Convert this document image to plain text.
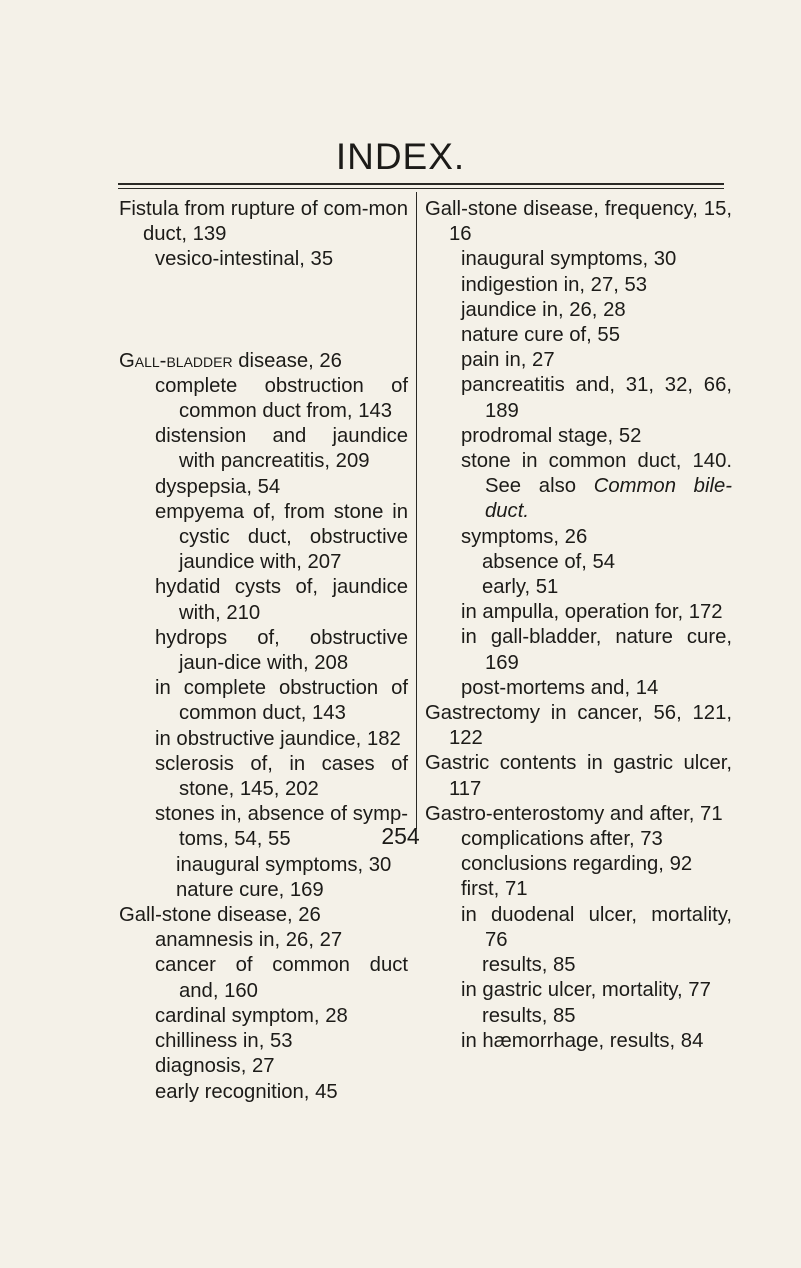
INDEX.
Fistula from rupture of com-mon duct, 139
vesico-intestinal, 35
Gall-bladder disease, 26
complete obstruction of common duct from, 143
distension and jaundice with pancreatitis, 209
dyspepsia, 54
empyema of, from stone in cystic duct, obstructive jaundice with, 207
hydatid cysts of, jaundice with, 210
hydrops of, obstructive jaun-dice with, 208
in complete obstruction of common duct, 143
in obstructive jaundice, 182
sclerosis of, in cases of stone, 145, 202
stones in, absence of symp-toms, 54, 55
inaugural symptoms, 30
nature cure, 169
Gall-stone disease, 26
anamnesis in, 26, 27
cancer of common duct and, 160
cardinal symptom, 28
chilliness in, 53
diagnosis, 27
early recognition, 45
Gall-stone disease, frequency, 15, 16
inaugural symptoms, 30
indigestion in, 27, 53
jaundice in, 26, 28
nature cure of, 55
pain in, 27
pancreatitis and, 31, 32, 66, 189
prodromal stage, 52
stone in common duct, 140. See also Common bile-duct.
symptoms, 26
absence of, 54
early, 51
in ampulla, operation for, 172
in gall-bladder, nature cure, 169
post-mortems and, 14
Gastrectomy in cancer, 56, 121, 122
Gastric contents in gastric ulcer, 117
Gastro-enterostomy and after, 71
complications after, 73
conclusions regarding, 92
first, 71
in duodenal ulcer, mortality, 76
results, 85
in gastric ulcer, mortality, 77
results, 85
in hæmorrhage, results, 84
254
